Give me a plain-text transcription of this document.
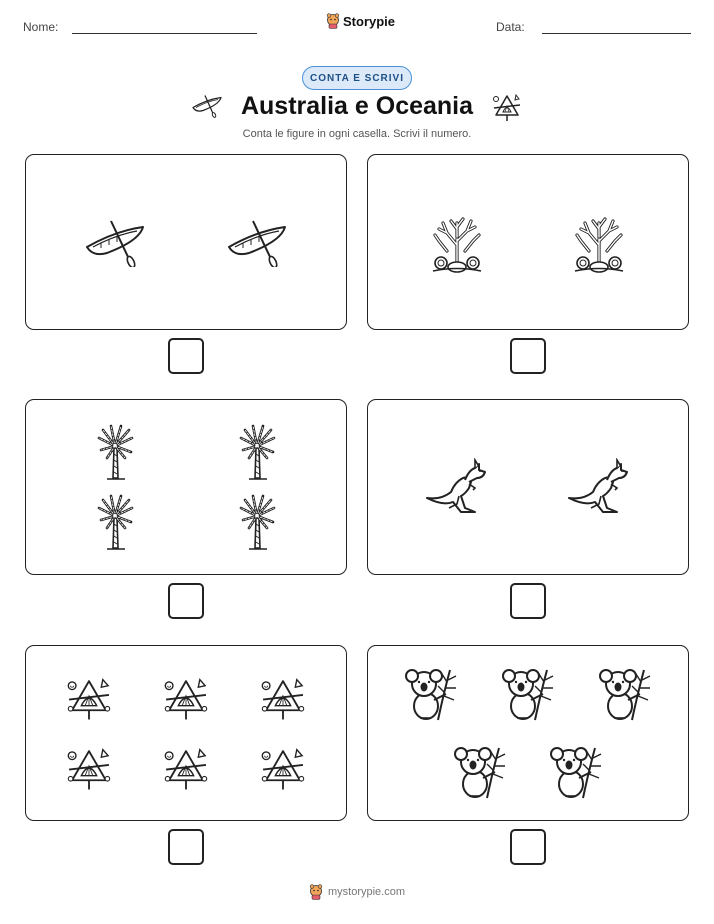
Nome:	Storypie	Data:
CONTA E SCRIVI
Australia e Oceania
Conta le figure in ogni casella. Scrivi il numero.
mystorypie.com
